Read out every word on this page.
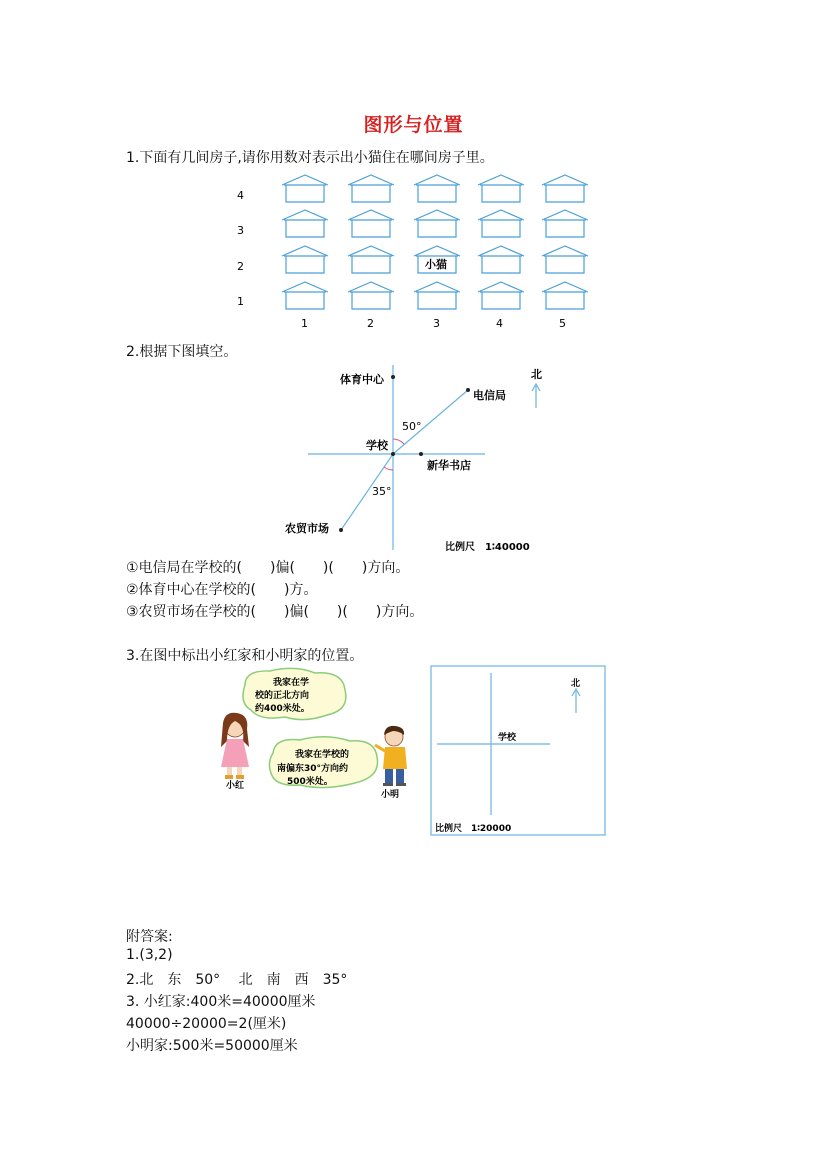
图形与位置
1.下面有几间房子,请你用数对表示出小猫住在哪间房子里。
4
3
2
1
1	2	3	4	5
小猫
2.根据下图填空。
体育中心
电信局
北
50°
学校
新华书店
35°
农贸市场
比例尺　1∶40000
①电信局在学校的(　　)偏(　　)(　　)方向。
②体育中心在学校的(　　)方。
③农贸市场在学校的(　　)偏(　　)(　　)方向。
3.在图中标出小红家和小明家的位置。
我家在学
校的正北方向
约400米处。
小红
我家在学校的
南偏东30°方向约
500米处。
小明
北
学校
比例尺　1∶20000
附答案:
1.(3,2)
2.北　东　50°　 北　南　西　35°
3. 小红家:400米=40000厘米
40000÷20000=2(厘米)
小明家:500米=50000厘米
